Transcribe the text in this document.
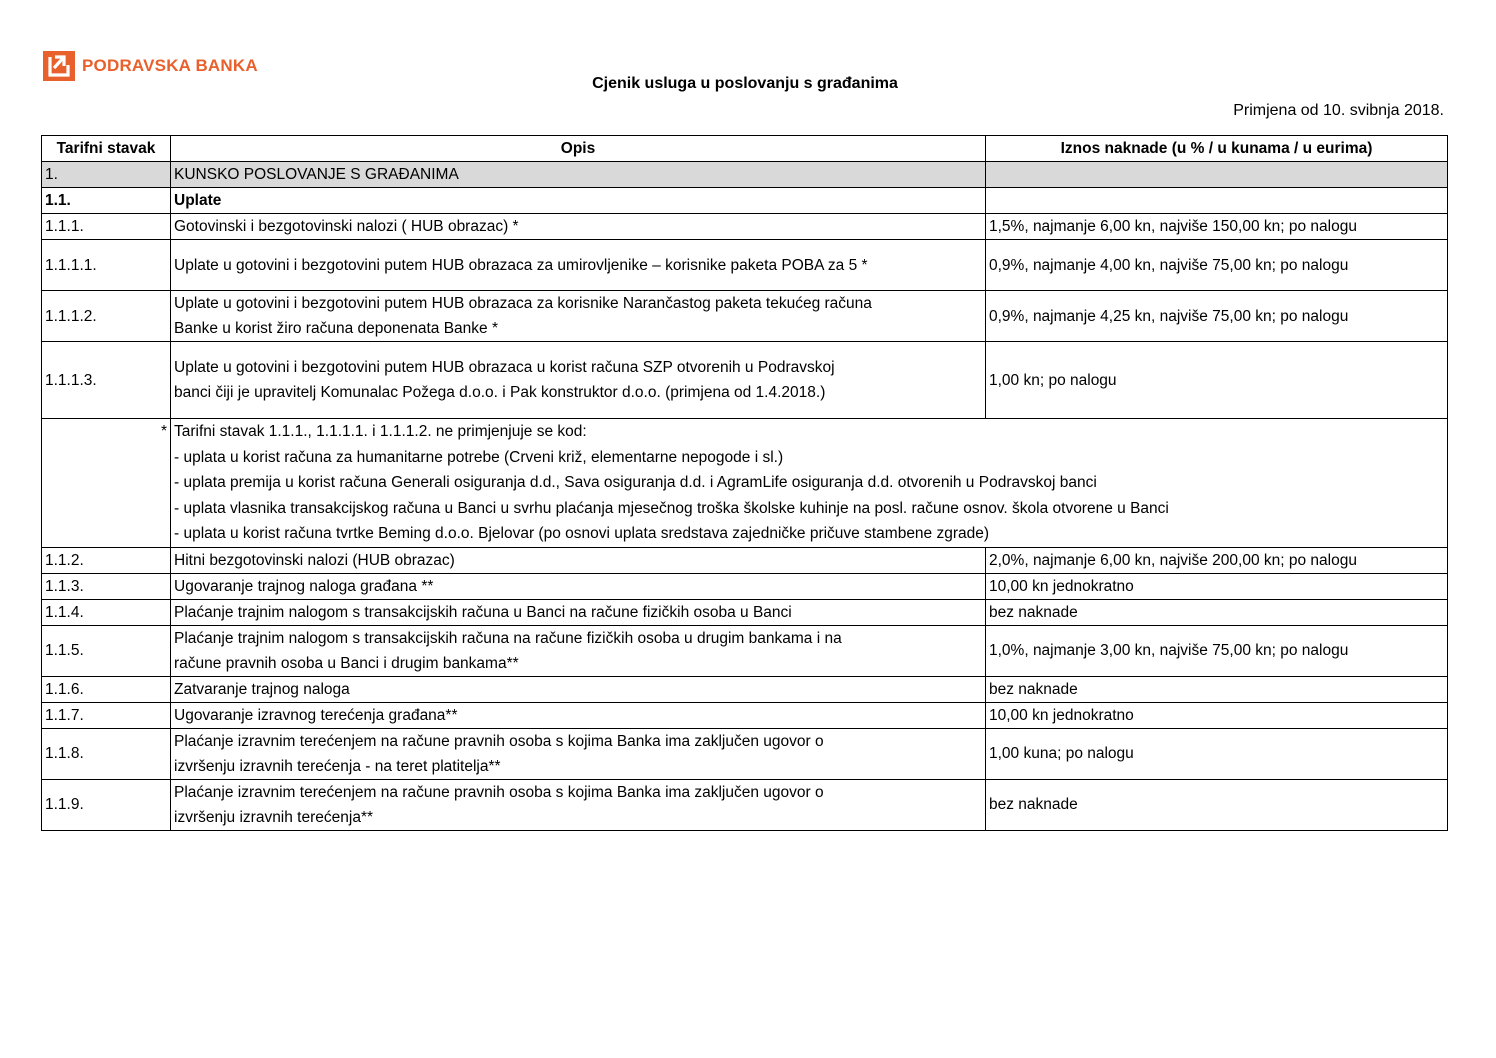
PODRAVSKA BANKA
Cjenik usluga u poslovanju s građanima
Primjena od 10. svibnja 2018.
Tarifni stavak	Opis	Iznos naknade (u % / u kunama / u eurima)
1.	KUNSKO POSLOVANJE S GRAĐANIMA	
1.1.	Uplate	
1.1.1.	Gotovinski i bezgotovinski nalozi ( HUB obrazac) *	1,5%, najmanje 6,00 kn, najviše 150,00 kn; po nalogu
1.1.1.1.	Uplate u gotovini i bezgotovini putem HUB obrazaca za umirovljenike – korisnike paketa POBA za 5 *	0,9%, najmanje 4,00 kn, najviše 75,00 kn; po nalogu
1.1.1.2.	Uplate u gotovini i bezgotovini putem HUB obrazaca za korisnike Narančastog paketa tekućeg računa
Banke u korist žiro računa deponenata Banke *	0,9%, najmanje 4,25 kn, najviše 75,00 kn; po nalogu
1.1.1.3.	Uplate u gotovini i bezgotovini putem HUB obrazaca u korist računa SZP otvorenih u Podravskoj
banci čiji je upravitelj Komunalac Požega d.o.o. i Pak konstruktor d.o.o. (primjena od 1.4.2018.)	1,00 kn; po nalogu
*	Tarifni stavak 1.1.1., 1.1.1.1. i 1.1.1.2. ne primjenjuje se kod:
- uplata u korist računa za humanitarne potrebe (Crveni križ, elementarne nepogode i sl.)
- uplata premija u korist računa Generali osiguranja d.d., Sava osiguranja d.d. i AgramLife osiguranja d.d. otvorenih u Podravskoj banci
- uplata vlasnika transakcijskog računa u Banci u svrhu plaćanja mjesečnog troška školske kuhinje na posl. račune osnov. škola otvorene u Banci
- uplata u korist računa tvrtke Beming d.o.o. Bjelovar (po osnovi uplata sredstava zajedničke pričuve stambene zgrade)	

1.1.2.	Hitni bezgotovinski nalozi (HUB obrazac)	2,0%, najmanje 6,00 kn, najviše 200,00 kn; po nalogu
1.1.3.	Ugovaranje trajnog naloga građana **	10,00 kn jednokratno
1.1.4.	Plaćanje trajnim nalogom s transakcijskih računa u Banci na račune fizičkih osoba u Banci	bez naknade
1.1.5.	Plaćanje trajnim nalogom s transakcijskih računa na račune fizičkih osoba u drugim bankama i na
račune pravnih osoba u Banci i drugim bankama**	1,0%, najmanje 3,00 kn, najviše 75,00 kn; po nalogu
1.1.6.	Zatvaranje trajnog naloga	bez naknade
1.1.7.	Ugovaranje izravnog terećenja građana**	10,00 kn jednokratno
1.1.8.	Plaćanje izravnim terećenjem na račune pravnih osoba s kojima Banka ima zaključen ugovor o
izvršenju izravnih terećenja - na teret platitelja**	1,00 kuna; po nalogu
1.1.9.	Plaćanje izravnim terećenjem na račune pravnih osoba s kojima Banka ima zaključen ugovor o
izvršenju izravnih terećenja**	bez naknade
